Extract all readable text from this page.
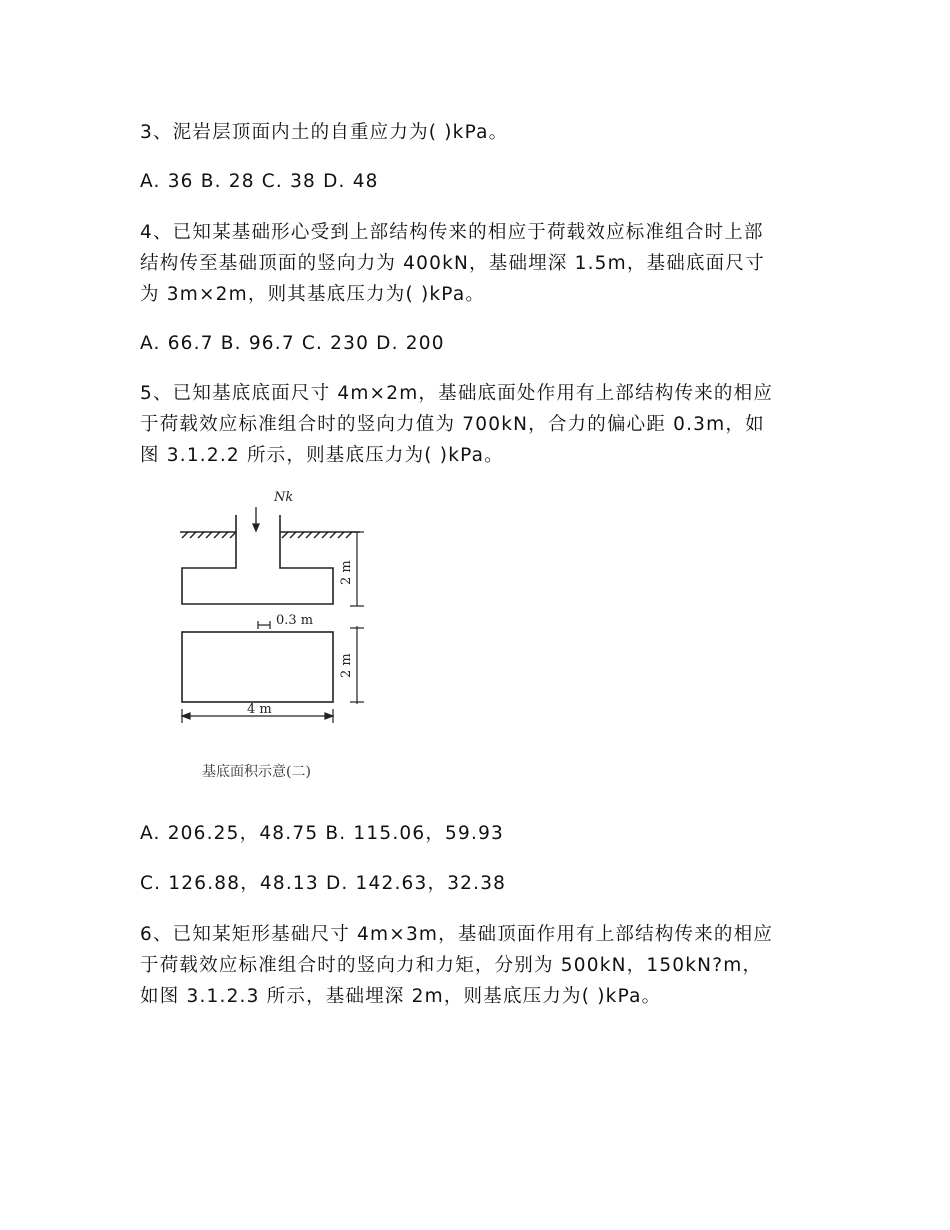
3、泥岩层顶面内土的自重应力为( )kPa。

A. 36 B. 28 C. 38 D. 48

4、已知某基础形心受到上部结构传来的相应于荷载效应标准组合时上部

结构传至基础顶面的竖向力为 400kN，基础埋深 1.5m，基础底面尺寸

为 3m×2m，则其基底压力为( )kPa。

A. 66.7 B. 96.7 C. 230 D. 200

5、已知基底底面尺寸 4m×2m，基础底面处作用有上部结构传来的相应

于荷载效应标准组合时的竖向力值为 700kN，合力的偏心距 0.3m，如

图 3.1.2.2 所示，则基底压力为( )kPa。

Nk
2 m
0.3 m
2 m
4 m
基底面积示意(二)

A. 206.25，48.75 B. 115.06，59.93

C. 126.88，48.13 D. 142.63，32.38

6、已知某矩形基础尺寸 4m×3m，基础顶面作用有上部结构传来的相应

于荷载效应标准组合时的竖向力和力矩，分别为 500kN，150kN?m，

如图 3.1.2.3 所示，基础埋深 2m，则基底压力为( )kPa。
